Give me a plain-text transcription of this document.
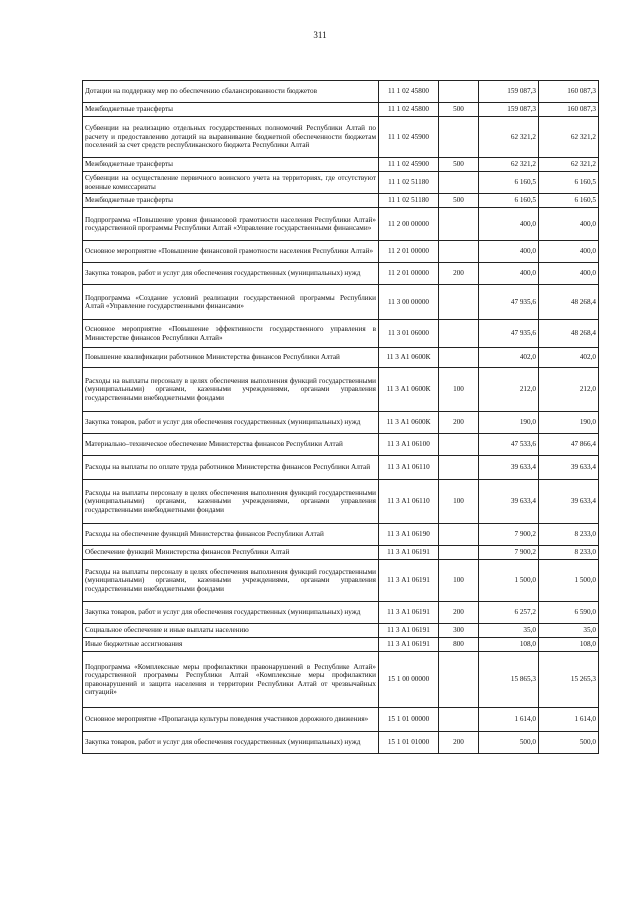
311
Дотации на поддержку мер по обеспечению сбалансированности бюджетов	11 1 02 45800		159 087,3	160 087,3
Межбюджетные трансферты	11 1 02 45800	500	159 087,3	160 087,3
Субвенции на реализацию отдельных государственных полномочий Республики Алтай по расчету и предоставлению дотаций на выравнивание бюджетной обеспеченности бюджетам поселений за счет средств республиканского бюджета Республики Алтай	11 1 02 45900		62 321,2	62 321,2
Межбюджетные трансферты	11 1 02 45900	500	62 321,2	62 321,2
Субвенции на осуществление первичного воинского учета на территориях, где отсутствуют военные комиссариаты	11 1 02 51180		6 160,5	6 160,5
Межбюджетные трансферты	11 1 02 51180	500	6 160,5	6 160,5
Подпрограмма «Повышение уровня финансовой грамотности населения Республики Алтай» государственной программы Республики Алтай «Управление государственными финансами»	11 2 00 00000		400,0	400,0
Основное мероприятие «Повышение финансовой грамотности населения Республики Алтай»	11 2 01 00000		400,0	400,0
Закупка товаров, работ и услуг для обеспечения государственных (муниципальных) нужд	11 2 01 00000	200	400,0	400,0
Подпрограмма «Создание условий реализации государственной программы Республики Алтай «Управление государственными финансами»	11 3 00 00000		47 935,6	48 268,4
Основное мероприятие «Повышение эффективности государственного управления в Министерстве финансов Республики Алтай»	11 3 01 06000		47 935,6	48 268,4
Повышение квалификации работников Министерства финансов Республики Алтай	11 3 А1 0600К		402,0	402,0
Расходы на выплаты персоналу в целях обеспечения выполнения функций государственными (муниципальными) органами, казенными учреждениями, органами управления государственными внебюджетными фондами	11 3 А1 0600К	100	212,0	212,0
Закупка товаров, работ и услуг для обеспечения государственных (муниципальных) нужд	11 3 А1 0600К	200	190,0	190,0
Материально–техническое обеспечение Министерства финансов Республики Алтай	11 3 А1 06100		47 533,6	47 866,4
Расходы на выплаты по оплате труда работников Министерства финансов Республики Алтай	11 3 А1 06110		39 633,4	39 633,4
Расходы на выплаты персоналу в целях обеспечения выполнения функций государственными (муниципальными) органами, казенными учреждениями, органами управления государственными внебюджетными фондами	11 3 А1 06110	100	39 633,4	39 633,4
Расходы на обеспечение функций Министерства финансов Республики Алтай	11 3 А1 06190		7 900,2	8 233,0
Обеспечение функций Министерства финансов Республики Алтай	11 3 А1 06191		7 900,2	8 233,0
Расходы на выплаты персоналу в целях обеспечения выполнения функций государственными (муниципальными) органами, казенными учреждениями, органами управления государственными внебюджетными фондами	11 3 А1 06191	100	1 500,0	1 500,0
Закупка товаров, работ и услуг для обеспечения государственных (муниципальных) нужд	11 3 А1 06191	200	6 257,2	6 590,0
Социальное обеспечение и иные выплаты населению	11 3 А1 06191	300	35,0	35,0
Иные бюджетные ассигнования	11 3 А1 06191	800	108,0	108,0
Подпрограмма «Комплексные меры профилактики правонарушений в Республике Алтай» государственной программы Республики Алтай «Комплексные меры профилактики правонарушений и защита населения и территории Республики Алтай от чрезвычайных ситуаций»	15 1 00 00000		15 865,3	15 265,3
Основное мероприятие «Пропаганда культуры поведения участников дорожного движения»	15 1 01 00000		1 614,0	1 614,0
Закупка товаров, работ и услуг для обеспечения государственных (муниципальных) нужд	15 1 01 01000	200	500,0	500,0
